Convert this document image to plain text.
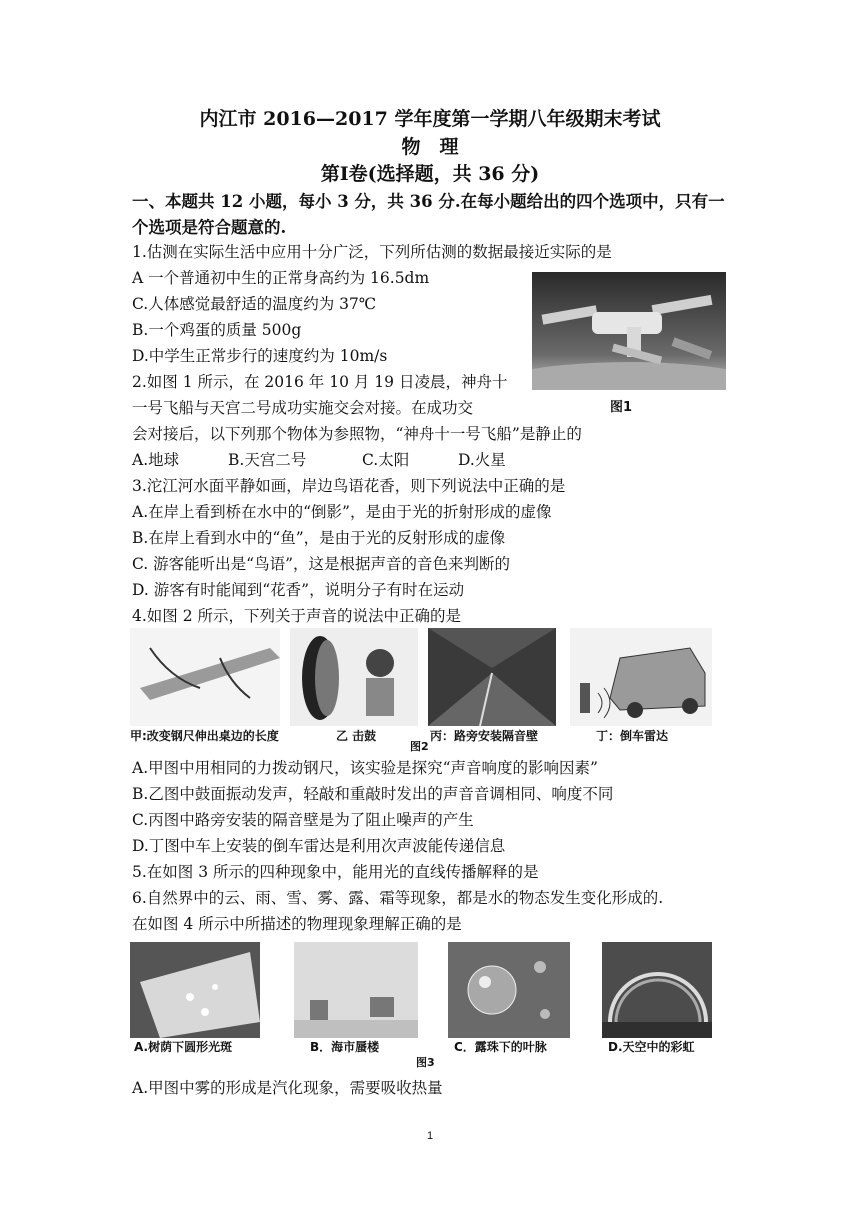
内江市 2016—2017 学年度第一学期八年级期末考试
物　理
第Ⅰ卷(选择题，共 36 分)
一、本题共 12 小题，每小 3 分，共 36 分.在每小题给出的四个选项中，只有一
个选项是符合题意的.
1.估测在实际生活中应用十分广泛，下列所估测的数据最接近实际的是
A 一个普通初中生的正常身高约为 16.5dm
C.人体感觉最舒适的温度约为 37℃
B.一个鸡蛋的质量 500g
D.中学生正常步行的速度约为 10m/s
图1
2.如图 1 所示，在 2016 年 10 月 19 日凌晨，神舟十
一号飞船与天宫二号成功实施交会对接。在成功交
会对接后，以下列那个物体为参照物，“神舟十一号飞船”是静止的
A.地球	B.天宫二号	C.太阳	D.火星
3.沱江河水面平静如画，岸边鸟语花香，则下列说法中正确的是
A.在岸上看到桥在水中的“倒影”，是由于光的折射形成的虚像
B.在岸上看到水中的“鱼”，是由于光的反射形成的虚像
C. 游客能听出是“鸟语”，这是根据声音的音色来判断的
D. 游客有时能闻到“花香”，说明分子有时在运动
4.如图 2 所示，下列关于声音的说法中正确的是
甲:改变钢尺伸出桌边的长度	乙 击鼓	丙：路旁安装隔音壁	丁：倒车雷达
图2
A.甲图中用相同的力拨动钢尺，该实验是探究“声音响度的影响因素”
B.乙图中鼓面振动发声，轻敲和重敲时发出的声音音调相同、响度不同
C.丙图中路旁安装的隔音壁是为了阻止噪声的产生
D.丁图中车上安装的倒车雷达是利用次声波能传递信息
5.在如图 3 所示的四种现象中，能用光的直线传播解释的是
6.自然界中的云、雨、雪、雾、露、霜等现象，都是水的物态发生变化形成的.
在如图 4 所示中所描述的物理现象理解正确的是
A.树荫下圆形光斑	B．海市蜃楼	C．露珠下的叶脉	D.天空中的彩虹
图3
A.甲图中雾的形成是汽化现象，需要吸收热量
1
